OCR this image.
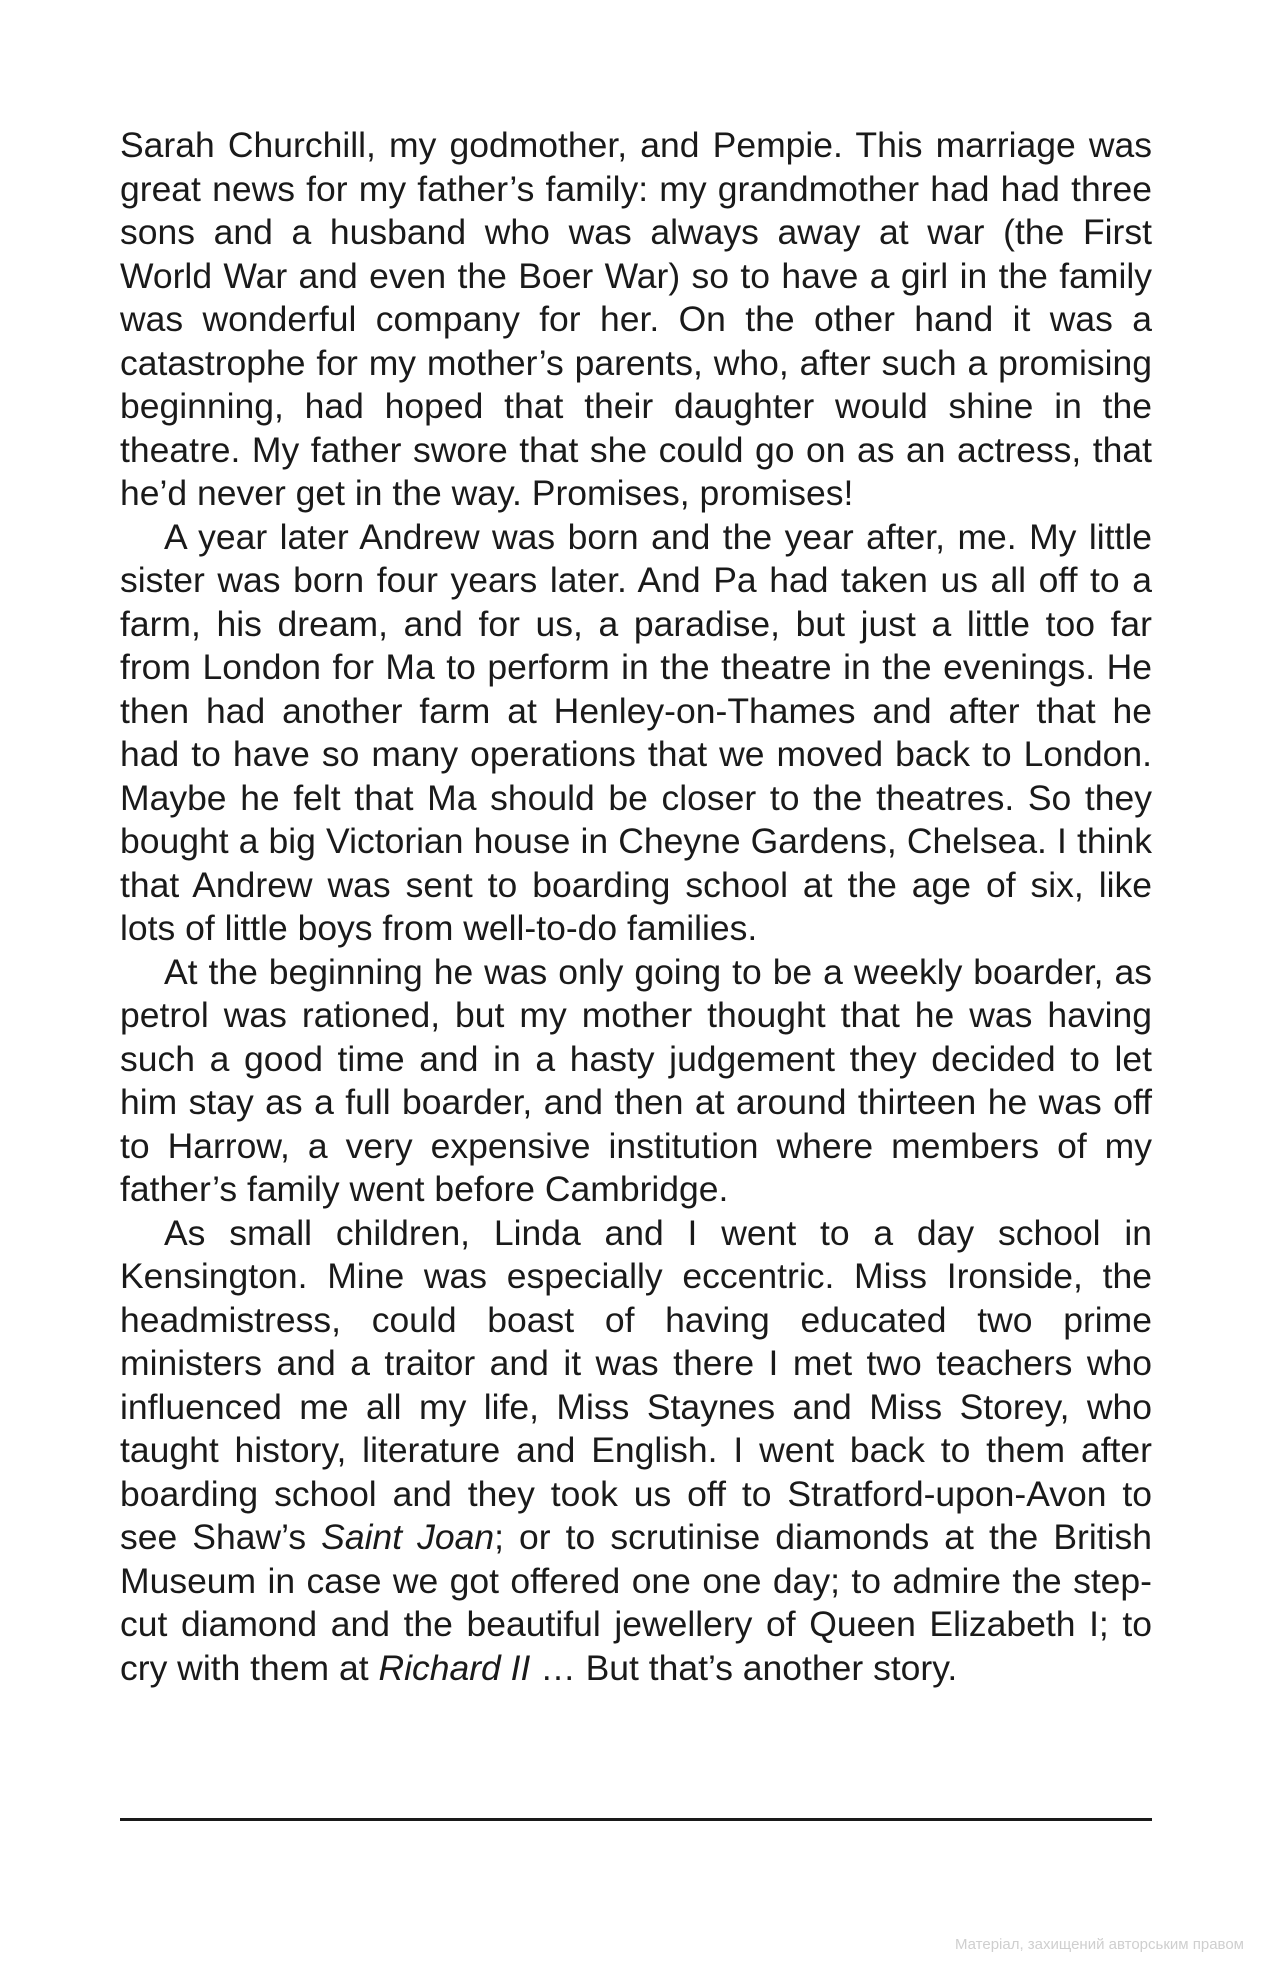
Sarah Churchill, my godmother, and Pempie. This marriage was great news for my father’s family: my grandmother had had three sons and a husband who was always away at war (the First World War and even the Boer War) so to have a girl in the family was wonderful company for her. On the other hand it was a catastrophe for my mother’s parents, who, after such a promising beginning, had hoped that their daughter would shine in the theatre. My father swore that she could go on as an actress, that he’d never get in the way. Promises, promises!

A year later Andrew was born and the year after, me. My little sister was born four years later. And Pa had taken us all off to a farm, his dream, and for us, a paradise, but just a little too far from London for Ma to perform in the theatre in the evenings. He then had another farm at Henley-on-Thames and after that he had to have so many operations that we moved back to London. Maybe he felt that Ma should be closer to the theatres. So they bought a big Victorian house in Cheyne Gardens, Chelsea. I think that Andrew was sent to boarding school at the age of six, like lots of little boys from well-to-do families.

At the beginning he was only going to be a weekly boarder, as petrol was rationed, but my mother thought that he was having such a good time and in a hasty judgement they decided to let him stay as a full boarder, and then at around thirteen he was off to Harrow, a very expensive institution where members of my father’s family went before Cambridge.

As small children, Linda and I went to a day school in Kensington. Mine was especially eccentric. Miss Ironside, the headmistress, could boast of having educated two prime ministers and a traitor and it was there I met two teachers who influenced me all my life, Miss Staynes and Miss Storey, who taught history, literature and English. I went back to them after boarding school and they took us off to Stratford-upon-Avon to see Shaw’s Saint Joan; or to scrutinise diamonds at the British Museum in case we got offered one one day; to admire the step-cut diamond and the beautiful jewellery of Queen Elizabeth I; to cry with them at Richard II … But that’s another story.

Матеріал, захищений авторським правом
